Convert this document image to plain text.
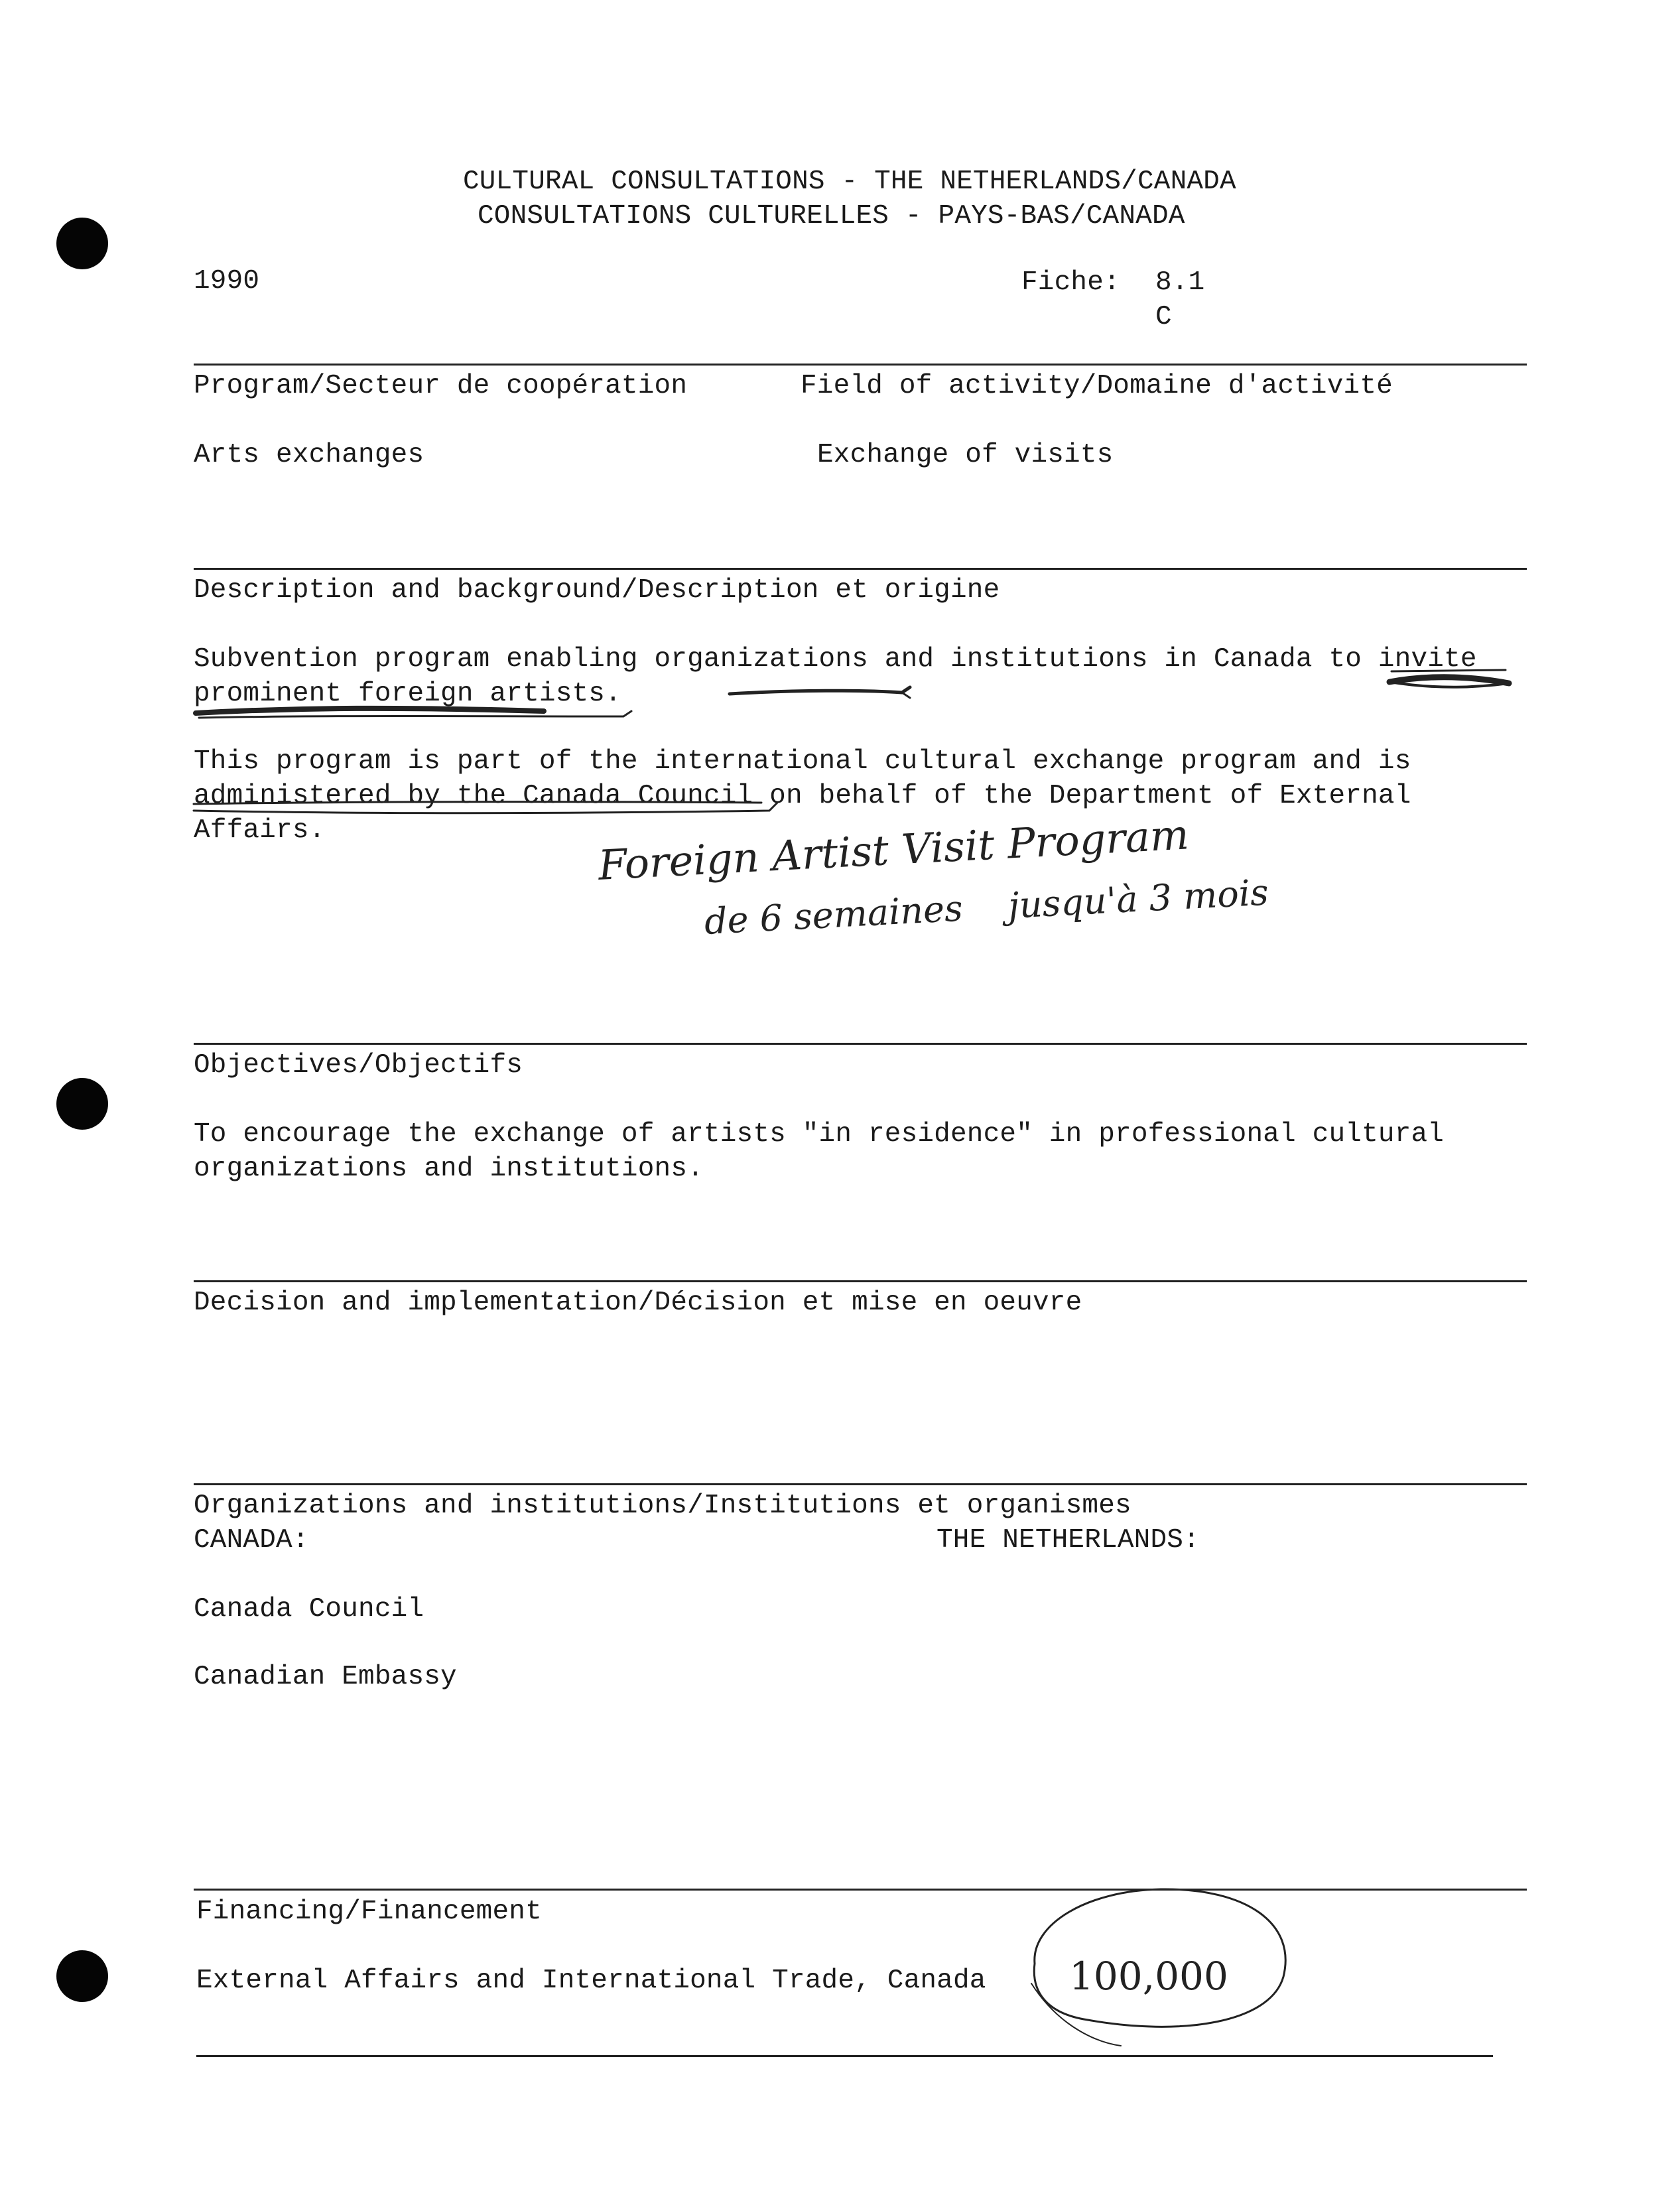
CULTURAL CONSULTATIONS - THE NETHERLANDS/CANADA
CONSULTATIONS CULTURELLES - PAYS-BAS/CANADA
1990	Fiche: 8.1
C
Program/Secteur de coopération	Field of activity/Domaine d'activité
Arts exchanges	Exchange of visits
Description and background/Description et origine
Subvention program enabling organizations and institutions in Canada to invite
prominent foreign artists.
This program is part of the international cultural exchange program and is
administered by the Canada Council on behalf of the Department of External
Affairs.	Foreign Artist Visit Program
de 6 semaines    jusqu'à 3 mois
Objectives/Objectifs
To encourage the exchange of artists "in residence" in professional cultural
organizations and institutions.
Decision and implementation/Décision et mise en oeuvre
Organizations and institutions/Institutions et organismes
CANADA:	THE NETHERLANDS:
Canada Council
Canadian Embassy
Financing/Financement
External Affairs and International Trade, Canada 100,000
